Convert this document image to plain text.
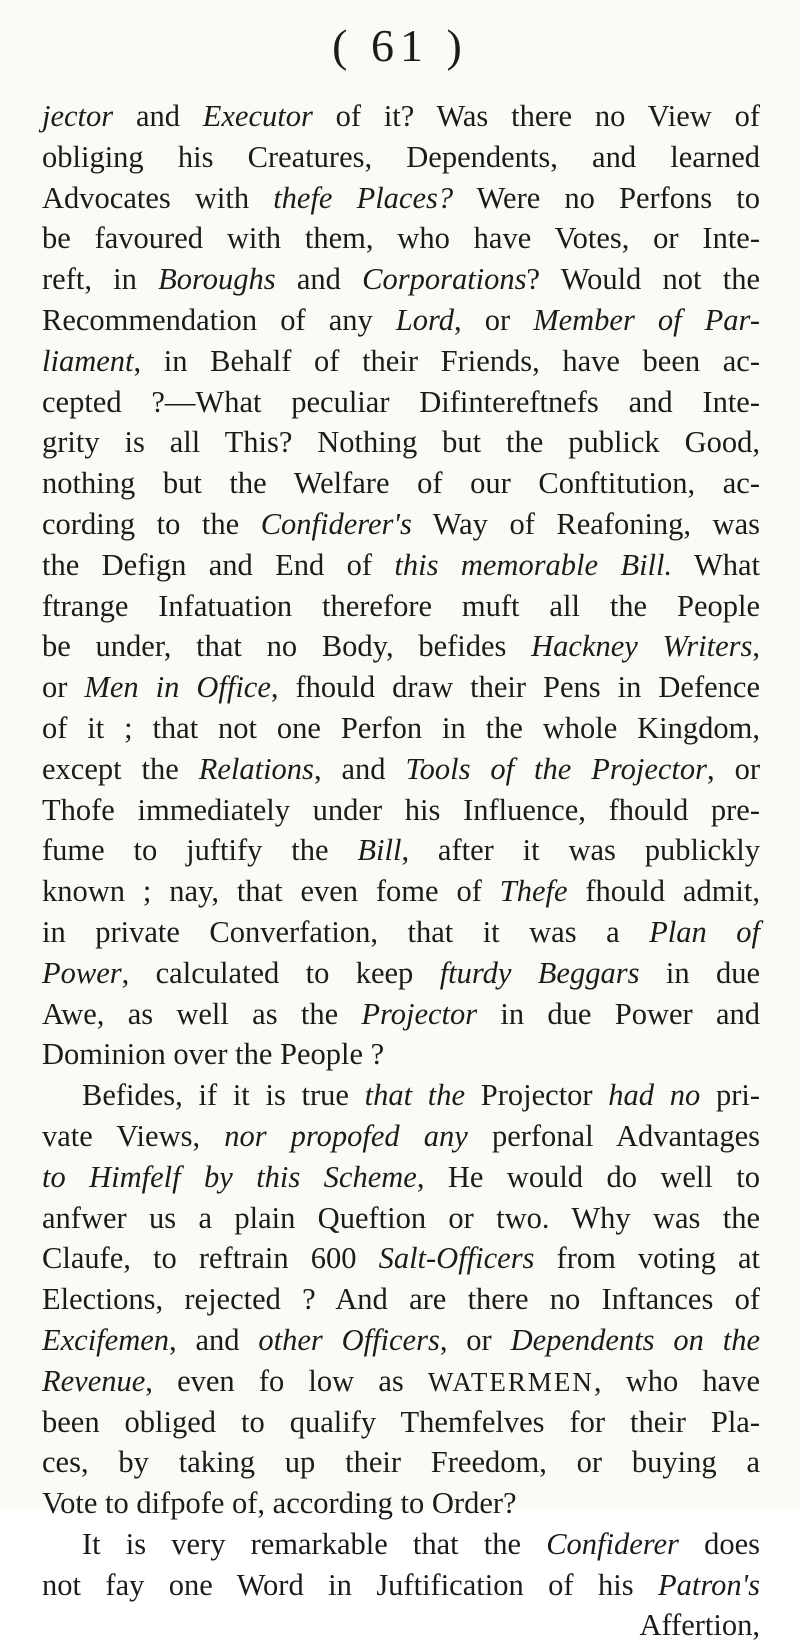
( 61 )
jector and Executor of it? Was there no View of
obliging his Creatures, Dependents, and learned
Advocates with thefe Places? Were no Perfons to
be favoured with them, who have Votes, or Inte-
reft, in Boroughs and Corporations? Would not the
Recommendation of any Lord, or Member of Par-
liament, in Behalf of their Friends, have been ac-
cepted ?—What peculiar Difintereftnefs and Inte-
grity is all This? Nothing but the publick Good,
nothing but the Welfare of our Conftitution, ac-
cording to the Confiderer's Way of Reafoning, was
the Defign and End of this memorable Bill. What
ftrange Infatuation therefore muft all the People
be under, that no Body, befides Hackney Writers,
or Men in Office, fhould draw their Pens in Defence
of it ; that not one Perfon in the whole Kingdom,
except the Relations, and Tools of the Projector, or
Thofe immediately under his Influence, fhould pre-
fume to juftify the Bill, after it was publickly
known ; nay, that even fome of Thefe fhould admit,
in private Converfation, that it was a Plan of
Power, calculated to keep fturdy Beggars in due
Awe, as well as the Projector in due Power and
Dominion over the People ?
Befides, if it is true that the Projector had no pri-
vate Views, nor propofed any perfonal Advantages
to Himfelf by this Scheme, He would do well to
anfwer us a plain Queftion or two. Why was the
Claufe, to reftrain 600 Salt-Officers from voting at
Elections, rejected ? And are there no Inftances of
Excifemen, and other Officers, or Dependents on the
Revenue, even fo low as WATERMEN, who have
been obliged to qualify Themfelves for their Pla-
ces, by taking up their Freedom, or buying a
Vote to difpofe of, according to Order?
It is very remarkable that the Confiderer does
not fay one Word in Juftification of his Patron's
Affertion,
